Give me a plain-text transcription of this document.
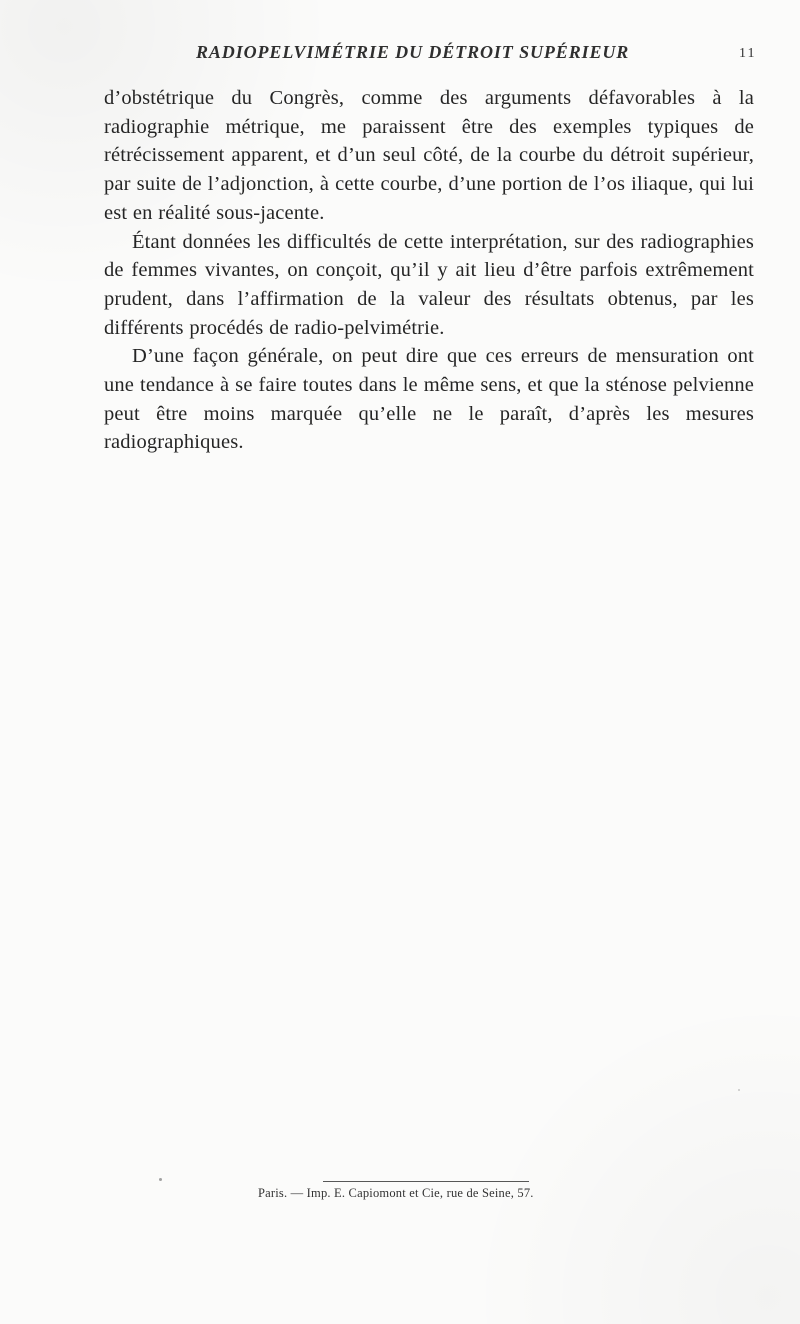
RADIOPELVIMÉTRIE DU DÉTROIT SUPÉRIEUR	11

d’obstétrique du Congrès, comme des arguments défavorables à la radiographie métrique, me paraissent être des exemples typiques de rétrécissement apparent, et d’un seul côté, de la courbe du détroit supérieur, par suite de l’adjonction, à cette courbe, d’une portion de l’os iliaque, qui lui est en réalité sous-jacente.

Étant données les difficultés de cette interprétation, sur des radiographies de femmes vivantes, on conçoit, qu’il y ait lieu d’être parfois extrêmement prudent, dans l’affirmation de la valeur des résultats obtenus, par les différents procédés de radio-pelvimétrie.

D’une façon générale, on peut dire que ces erreurs de mensuration ont une tendance à se faire toutes dans le même sens, et que la sténose pelvienne peut être moins marquée qu’elle ne le paraît, d’après les mesures radiographiques.

Paris. — Imp. E. Capiomont et Cie, rue de Seine, 57.
